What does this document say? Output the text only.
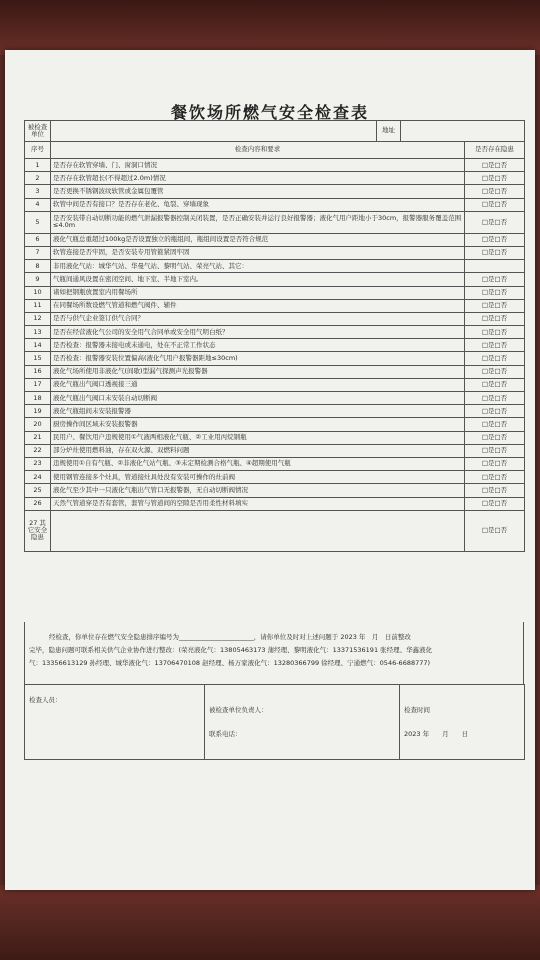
餐饮场所燃气安全检查表
被检查单位		地址		
序号	检查内容和要求			是否存在隐患
1	是否存在软管穿墙、门、窗洞口情况			□是□否
2	是否存在软管超长(不得超过2.0m)情况			□是□否
3	是否更换不锈钢波纹软管或金属包覆管			□是□否
4	软管中间是否有接口？是否存在老化、龟裂、穿墙现象			□是□否
5	是否安装带自动切断功能的燃气泄漏报警器控制关闭装置，是否正确安装并运行良好报警器；液化气用户距地小于30cm，报警器服务覆盖范围≤4.0m			□是□否
6	液化气瓶总重超过100kg是否设置独立的瓶组间，瓶组间设置是否符合规范			□是□否
7	软管连接是否牢固，是否安装专用管箍紧固牢固			□是□否
8	非用液化气站：城华气站、华曼气站、黎明气站、荣亮气站、其它：			
9	气瓶间通风设置在密闭空间、地下室、半地下室内。			□是□否
10	诸如把钢瓶放置室内用餐场所			□是□否
11	在同餐场所数设燃气管道和燃气阀件、辅件			□是□否
12	是否与供气企业签订供气合同？			□是□否
13	是否在经营液化气公司的安全用气合同单或安全用气明白纸？			□是□否
14	是否检查：报警器未接电或未通电，处在不正常工作状态			□是□否
15	是否检查：报警器安装位置偏高(液化气用户报警器距地≤30cm)			□是□否
16	液化气场所使用非液化气(间歇)型漏气探测声光报警器			□是□否
17	液化气瓶出气阀口透视接三通			□是□否
18	液化气瓶出气阀口未安装自动切断阀			□是□否
19	液化气瓶组间未安装报警器			□是□否
20	厨房操作间区域未安装报警器			□是□否
21	民用户、餐饮用户违规使用①气液两相液化气瓶、②工业用丙烷钢瓶			□是□否
22	部分炉灶使用燃料油，存在双火源、双燃料问题			□是□否
23	违规使用①自有气瓶、②非液化气站气瓶、③未定期检测合格气瓶、④超期使用气瓶			□是□否
24	使用钢管连接多个灶具，管道接灶具处没有安装可操作的灶前阀			□是□否
25	液化气至少其中一只液化气瓶出气管口无报警器，无自动切断阀情况			□是□否
26	天然气管道穿是否有套管，套管与管道间的空隙是否用柔性材料填实			□是□否
27 其它安全隐患				□是□否
经检查，你单位存在燃气安全隐患排序编号为_______________________，请你单位及时对上述问题于 2023 年　月　日前整改
完毕，隐患问题可联系相关供气企业协作进行整改：(荣亮液化气：13805463173 蒲经理、黎明液化气：13371536191 张经理、华鑫液化
气：13356613129 孙经理、城华液化气：13706470108 赵经理、杨万家液化气：13280366799 徐经理、宁通燃气：0546-6688777)
检查人员：	
被检查单位负责人：
联系电话：

检查时间
2023 年　　月　　日
